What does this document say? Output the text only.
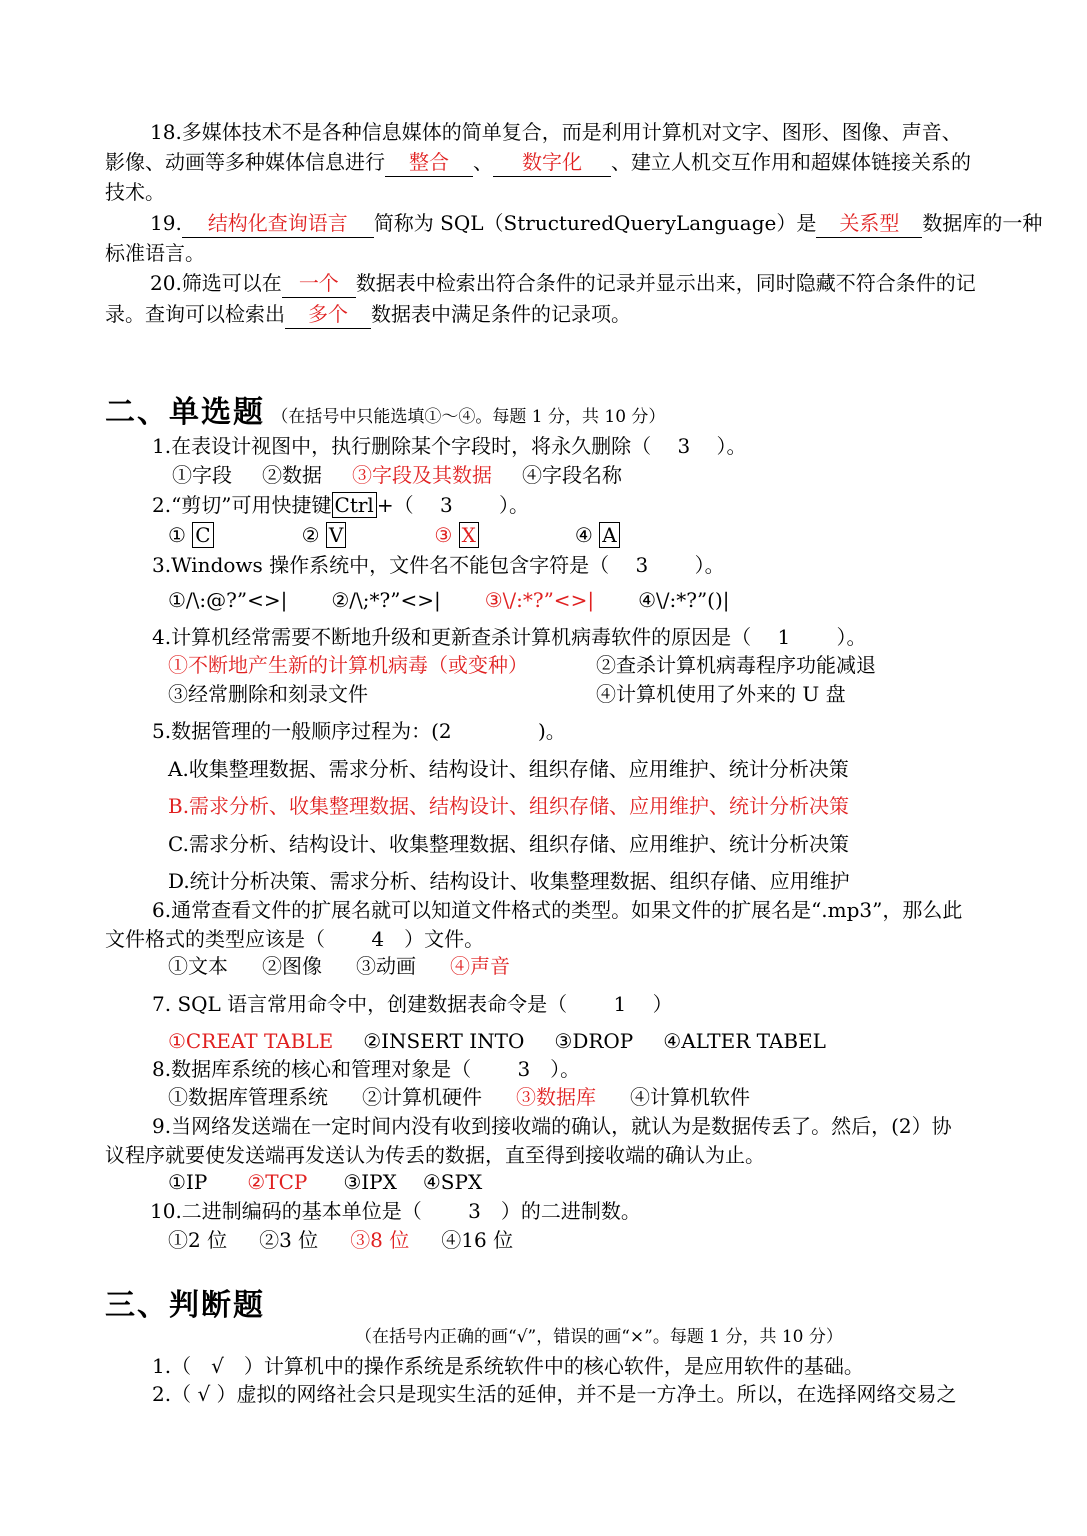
18.多媒体技术不是各种信息媒体的简单复合，而是利用计算机对文字、图形、图像、声音、
影像、动画等多种媒体信息进行 整合 、 数字化 、建立人机交互作用和超媒体链接关系的
技术。
19. 结构化查询语言 简称为 SQL（StructuredQueryLanguage）是 关系型 数据库的一种
标准语言。
20.筛选可以在 一个 数据表中检索出符合条件的记录并显示出来，同时隐藏不符合条件的记
录。查询可以检索出 多个 数据表中满足条件的记录项。
二、单选题 （在括号中只能选填①～④。每题 1 分，共 10 分）
1.在表设计视图中，执行删除某个字段时，将永久删除（　 3　 ）。
①字段 ②数据 ③字段及其数据 ④字段名称
2.“剪切”可用快捷键 Ctrl +（　 3　　 ）。
① C	② V	③ X	④ A
3.Windows 操作系统中，文件名不能包含字符是（　 3　　 ）。
①/\:@?”<>| ②/\;*?”<>| ③\/:*?”<>| ④\/:*?”()|
4.计算机经常需要不断地升级和更新查杀计算机病毒软件的原因是（　 1　　 ）。
①不断地产生新的计算机病毒（或变种）	②查杀计算机病毒程序功能减退
③经常删除和刻录文件	④计算机使用了外来的 U 盘
5.数据管理的一般顺序过程为：(2　　　　 )。
A.收集整理数据、需求分析、结构设计、组织存储、应用维护、统计分析决策
B.需求分析、收集整理数据、结构设计、组织存储、应用维护、统计分析决策
C.需求分析、结构设计、收集整理数据、组织存储、应用维护、统计分析决策
D.统计分析决策、需求分析、结构设计、收集整理数据、组织存储、应用维护
6.通常查看文件的扩展名就可以知道文件格式的类型。如果文件的扩展名是“.mp3”，那么此
文件格式的类型应该是（　　 4　）文件。
①文本 ②图像 ③动画 ④声音
7. SQL 语言常用命令中，创建数据表命令是（　　 1　 ）
①CREAT TABLE ②INSERT INTO ③DROP ④ALTER TABEL
8.数据库系统的核心和管理对象是（　　 3　）。
①数据库管理系统 ②计算机硬件 ③数据库 ④计算机软件
9.当网络发送端在一定时间内没有收到接收端的确认，就认为是数据传丢了。然后，(2）协
议程序就要使发送端再发送认为传丢的数据，直至得到接收端的确认为止。
①IP ②TCP ③IPX ④SPX
10.二进制编码的基本单位是（　　 3　）的二进制数。
①2 位 ②3 位 ③8 位 ④16 位
三、判断题
（在括号内正确的画“√”，错误的画“×”。每题 1 分，共 10 分）
1.（　√　）计算机中的操作系统是系统软件中的核心软件，是应用软件的基础。
2.（ √ ）虚拟的网络社会只是现实生活的延伸，并不是一方净土。所以，在选择网络交易之
